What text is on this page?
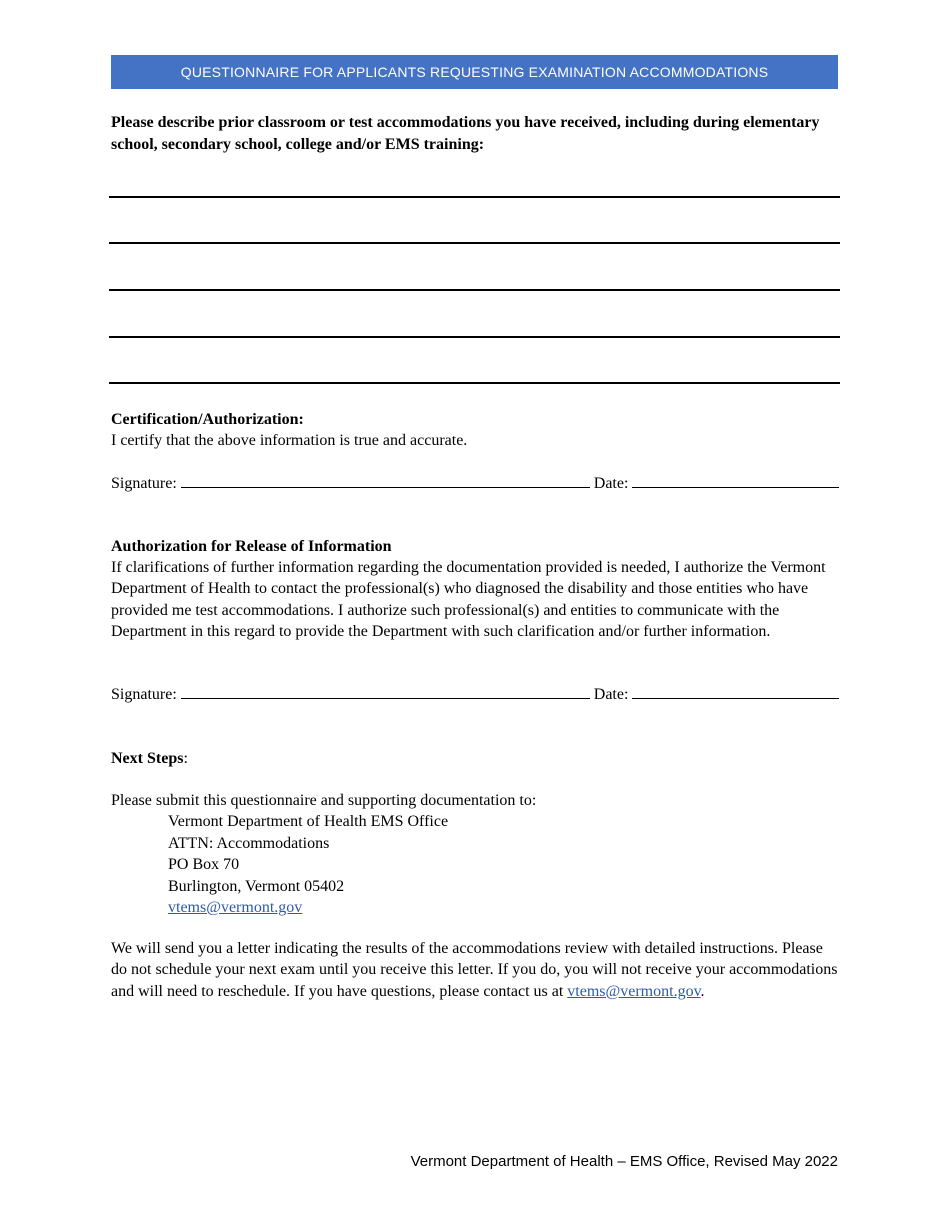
QUESTIONNAIRE FOR APPLICANTS REQUESTING EXAMINATION ACCOMMODATIONS
Please describe prior classroom or test accommodations you have received, including during elementary school, secondary school, college and/or EMS training:
Certification/Authorization:
I certify that the above information is true and accurate.
Signature:	Date:
Authorization for Release of Information
If clarifications of further information regarding the documentation provided is needed, I authorize the Vermont Department of Health to contact the professional(s) who diagnosed the disability and those entities who have provided me test accommodations. I authorize such professional(s) and entities to communicate with the Department in this regard to provide the Department with such clarification and/or further information.
Signature:	Date:
Next Steps:
Please submit this questionnaire and supporting documentation to:
Vermont Department of Health EMS Office
ATTN: Accommodations
PO Box 70
Burlington, Vermont 05402
vtems@vermont.gov
We will send you a letter indicating the results of the accommodations review with detailed instructions. Please do not schedule your next exam until you receive this letter. If you do, you will not receive your accommodations and will need to reschedule. If you have questions, please contact us at vtems@vermont.gov.
Vermont Department of Health – EMS Office, Revised May 2022
